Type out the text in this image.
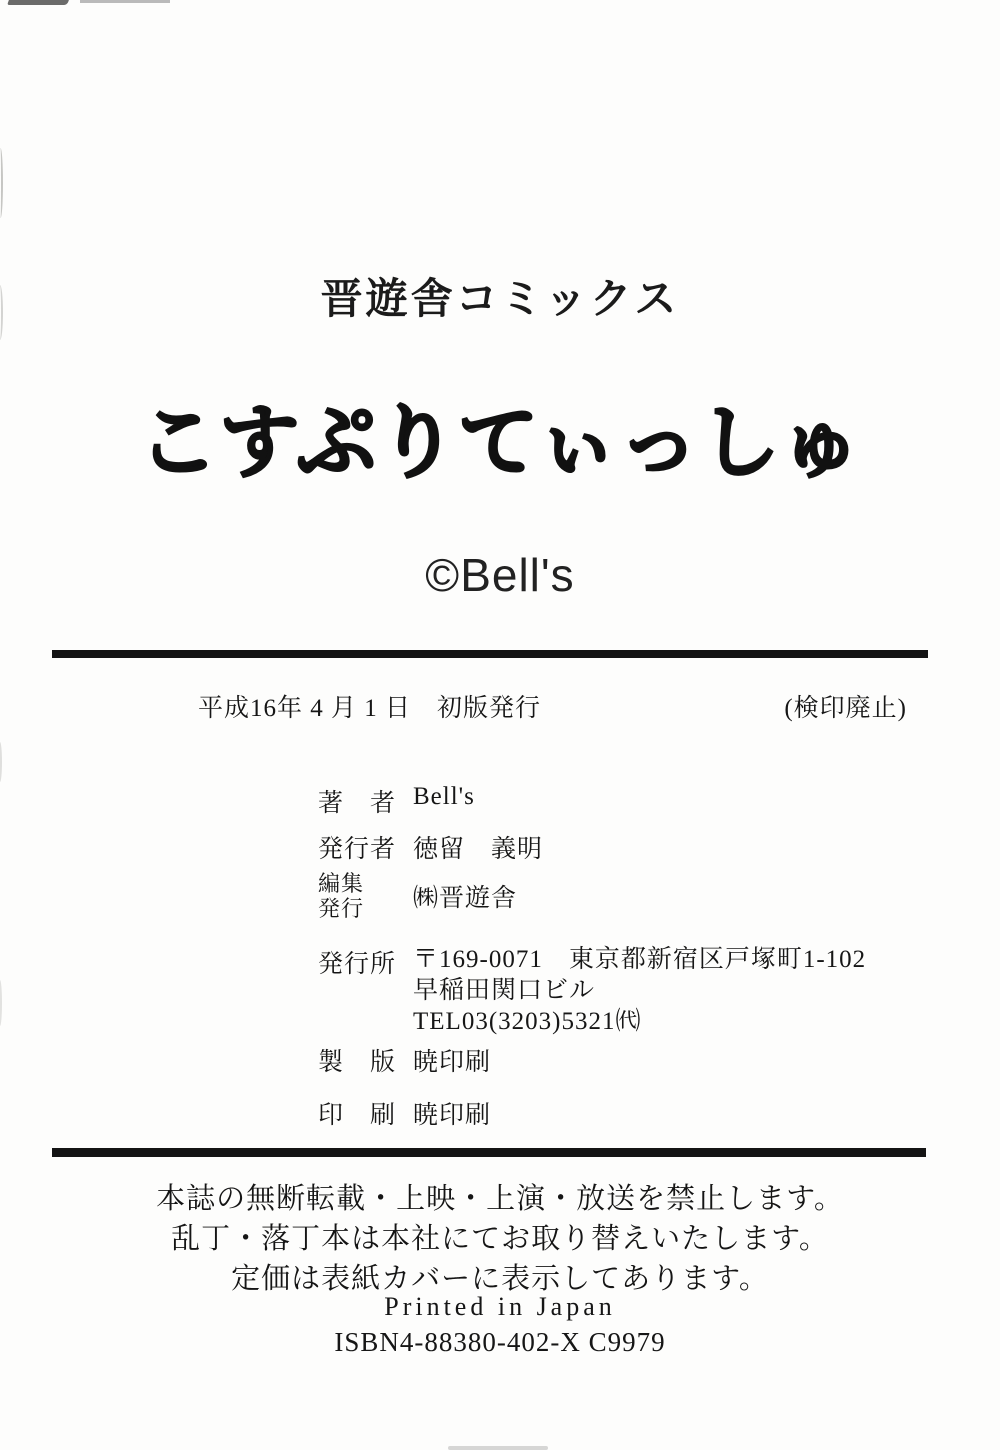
晋遊舎コミックス
こすぷりてぃっしゅ
©Bell's
平成16年 4 月 1 日　初版発行	(検印廃止)
著　者 Bell's
発行者 徳留　義明
編集
発行	㈱晋遊舎
発行所 〒169-0071　東京都新宿区戸塚町1-102
早稲田関口ビル
TEL03(3203)5321㈹
製　版 暁印刷
印　刷 暁印刷
本誌の無断転載・上映・上演・放送を禁止します。
乱丁・落丁本は本社にてお取り替えいたします。
定価は表紙カバーに表示してあります。
Printed in Japan
ISBN4-88380-402-X C9979
